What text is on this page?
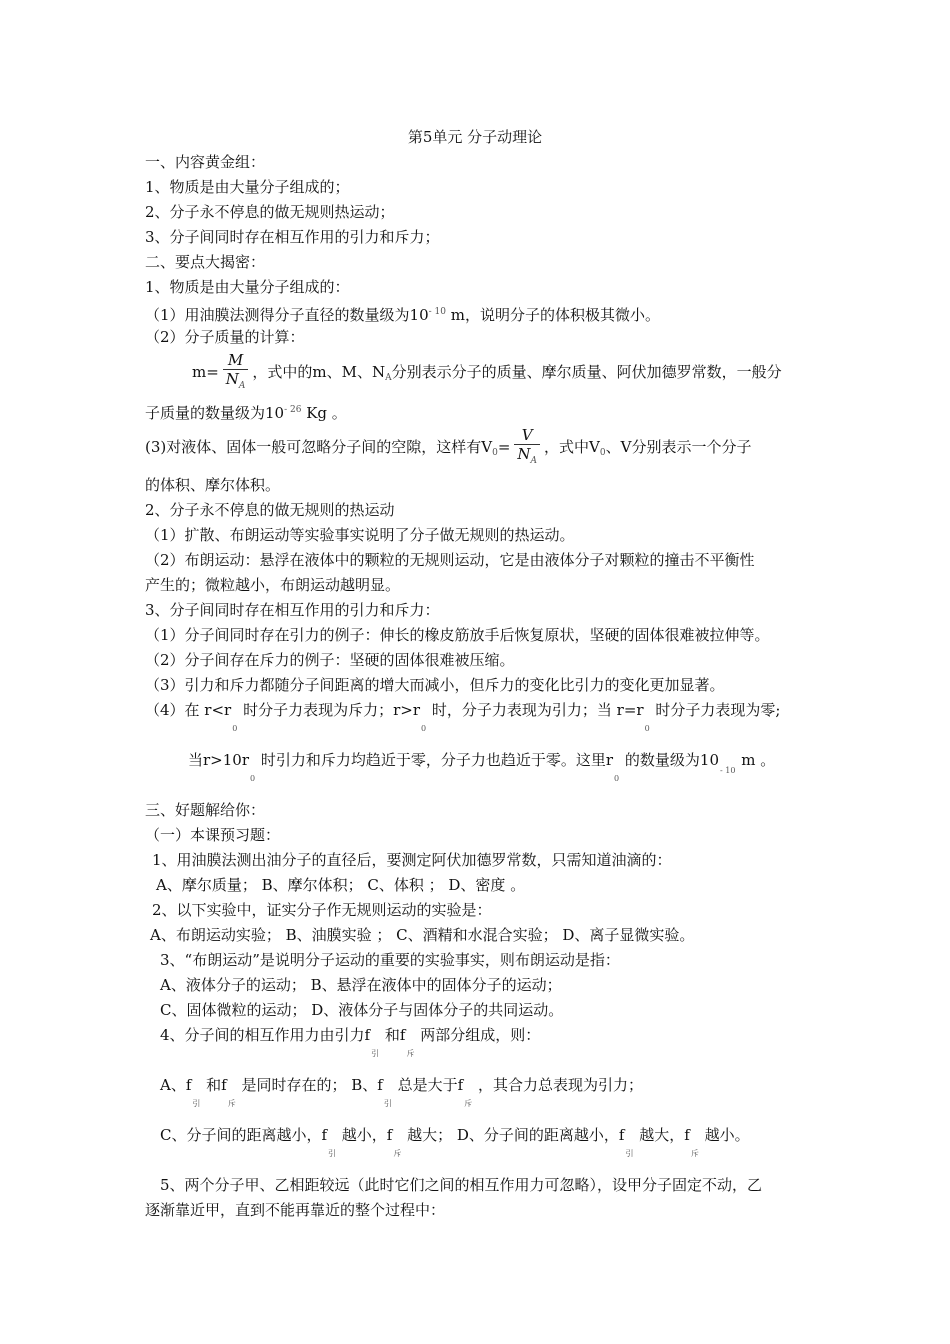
第5单元 分子动理论
一、内容黄金组：
1、物质是由大量分子组成的；
2、分子永不停息的做无规则热运动；
3、分子间同时存在相互作用的引力和斥力；
二、要点大揭密：
1、物质是由大量分子组成的：
（1）用油膜法测得分子直径的数量级为$10^{- 10}$ m，说明分子的体积极其微小。
（2）分子质量的计算：
$m= \frac{M}{N_A}$ ，式中的m、M、$N_A$分别表示分子的质量、摩尔质量、阿伏加德罗常数，一般分
子质量的数量级为$10^{- 26}$ Kg 。
(3)对液体、固体一般可忽略分子间的空隙，这样有$V_0= \frac{V}{N_A}$ ，式中$V_0$、V分别表示一个分子
的体积、摩尔体积。
2、分子永不停息的做无规则的热运动
（1）扩散、布朗运动等实验事实说明了分子做无规则的热运动。
（2）布朗运动：悬浮在液体中的颗粒的无规则运动，它是由液体分子对颗粒的撞击不平衡性
产生的；微粒越小，布朗运动越明显。
3、分子间同时存在相互作用的引力和斥力：
（1）分子间同时存在引力的例子：伸长的橡皮筋放手后恢复原状，坚硬的固体很难被拉伸等。
（2）分子间存在斥力的例子：坚硬的固体很难被压缩。
（3）引力和斥力都随分子间距离的增大而减小，但斥力的变化比引力的变化更加显著。
（4）在 $r<r_0$ 时分子力表现为斥力；$r>r_0$ 时，分子力表现为引力；当 $r=r_0$ 时分子力表现为零;
当$r>10r_0$ 时引力和斥力均趋近于零，分子力也趋近于零。这里$r_0$ 的数量级为$10_{- 10}$ m 。
三、好题解给你：
（一）本课预习题：
1、用油膜法测出油分子的直径后，要测定阿伏加德罗常数，只需知道油滴的：
A、摩尔质量； B、摩尔体积； C、体积 ； D、密度 。
2、以下实验中，证实分子作无规则运动的实验是：
A、布朗运动实验； B、油膜实验 ； C、酒精和水混合实验； D、离子显微实验。
3、“布朗运动”是说明分子运动的重要的实验事实，则布朗运动是指：
A、液体分子的运动； B、悬浮在液体中的固体分子的运动；
C、固体微粒的运动； D、液体分子与固体分子的共同运动。
4、分子间的相互作用力由引力$f_引$ 和$f_斥$ 两部分组成，则：
A、$f_引$ 和$f_斥$ 是同时存在的； B、$f_引$ 总是大于$f_斥$ ，其合力总表现为引力；
C、分子间的距离越小，$f_引$ 越小，$f_斥$ 越大； D、分子间的距离越小，$f_引$ 越大，$f_斥$ 越小。
5、两个分子甲、乙相距较远（此时它们之间的相互作用力可忽略），设甲分子固定不动，乙
逐渐靠近甲，直到不能再靠近的整个过程中：
